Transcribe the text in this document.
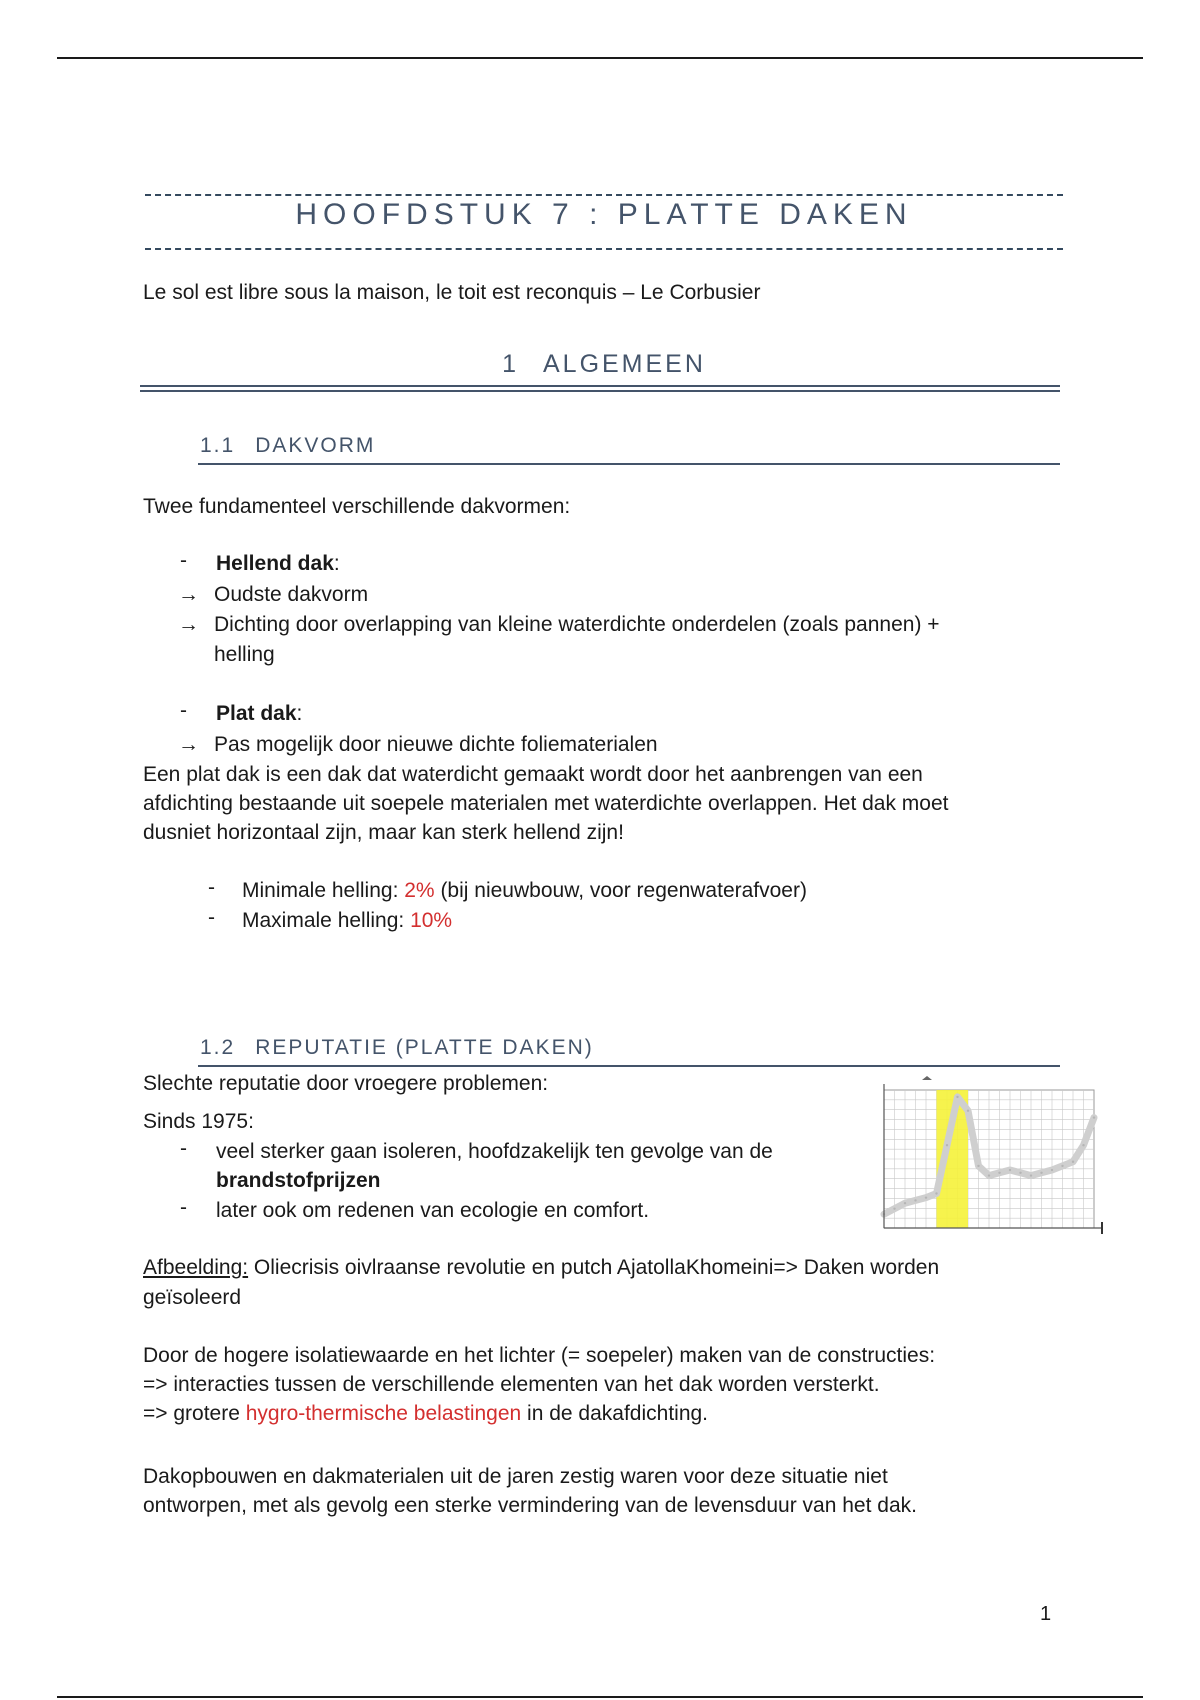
HOOFDSTUK 7 : PLATTE DAKEN
Le sol est libre sous la maison, le toit est reconquis – Le Corbusier
1 ALGEMEEN
1.1 DAKVORM
Twee fundamenteel verschillende dakvormen:
- Hellend dak:
→ Oudste dakvorm
→ Dichting door overlapping van kleine waterdichte onderdelen (zoals pannen) +
helling
- Plat dak:
→ Pas mogelijk door nieuwe dichte foliematerialen
Een plat dak is een dak dat waterdicht gemaakt wordt door het aanbrengen van een
afdichting bestaande uit soepele materialen met waterdichte overlappen. Het dak moet
dusniet horizontaal zijn, maar kan sterk hellend zijn!
- Minimale helling: 2% (bij nieuwbouw, voor regenwaterafvoer)
- Maximale helling: 10%
1.2 REPUTATIE (PLATTE DAKEN)
Slechte reputatie door vroegere problemen:
Sinds 1975:
- veel sterker gaan isoleren, hoofdzakelijk ten gevolge van de
brandstofprijzen
- later ook om redenen van ecologie en comfort.
Afbeelding: Oliecrisis oivlraanse revolutie en putch AjatollaKhomeini=> Daken worden
geïsoleerd
Door de hogere isolatiewaarde en het lichter (= soepeler) maken van de constructies:
=> interacties tussen de verschillende elementen van het dak worden versterkt.
=> grotere hygro-thermische belastingen in de dakafdichting.
Dakopbouwen en dakmaterialen uit de jaren zestig waren voor deze situatie niet
ontworpen, met als gevolg een sterke vermindering van de levensduur van het dak.
1
